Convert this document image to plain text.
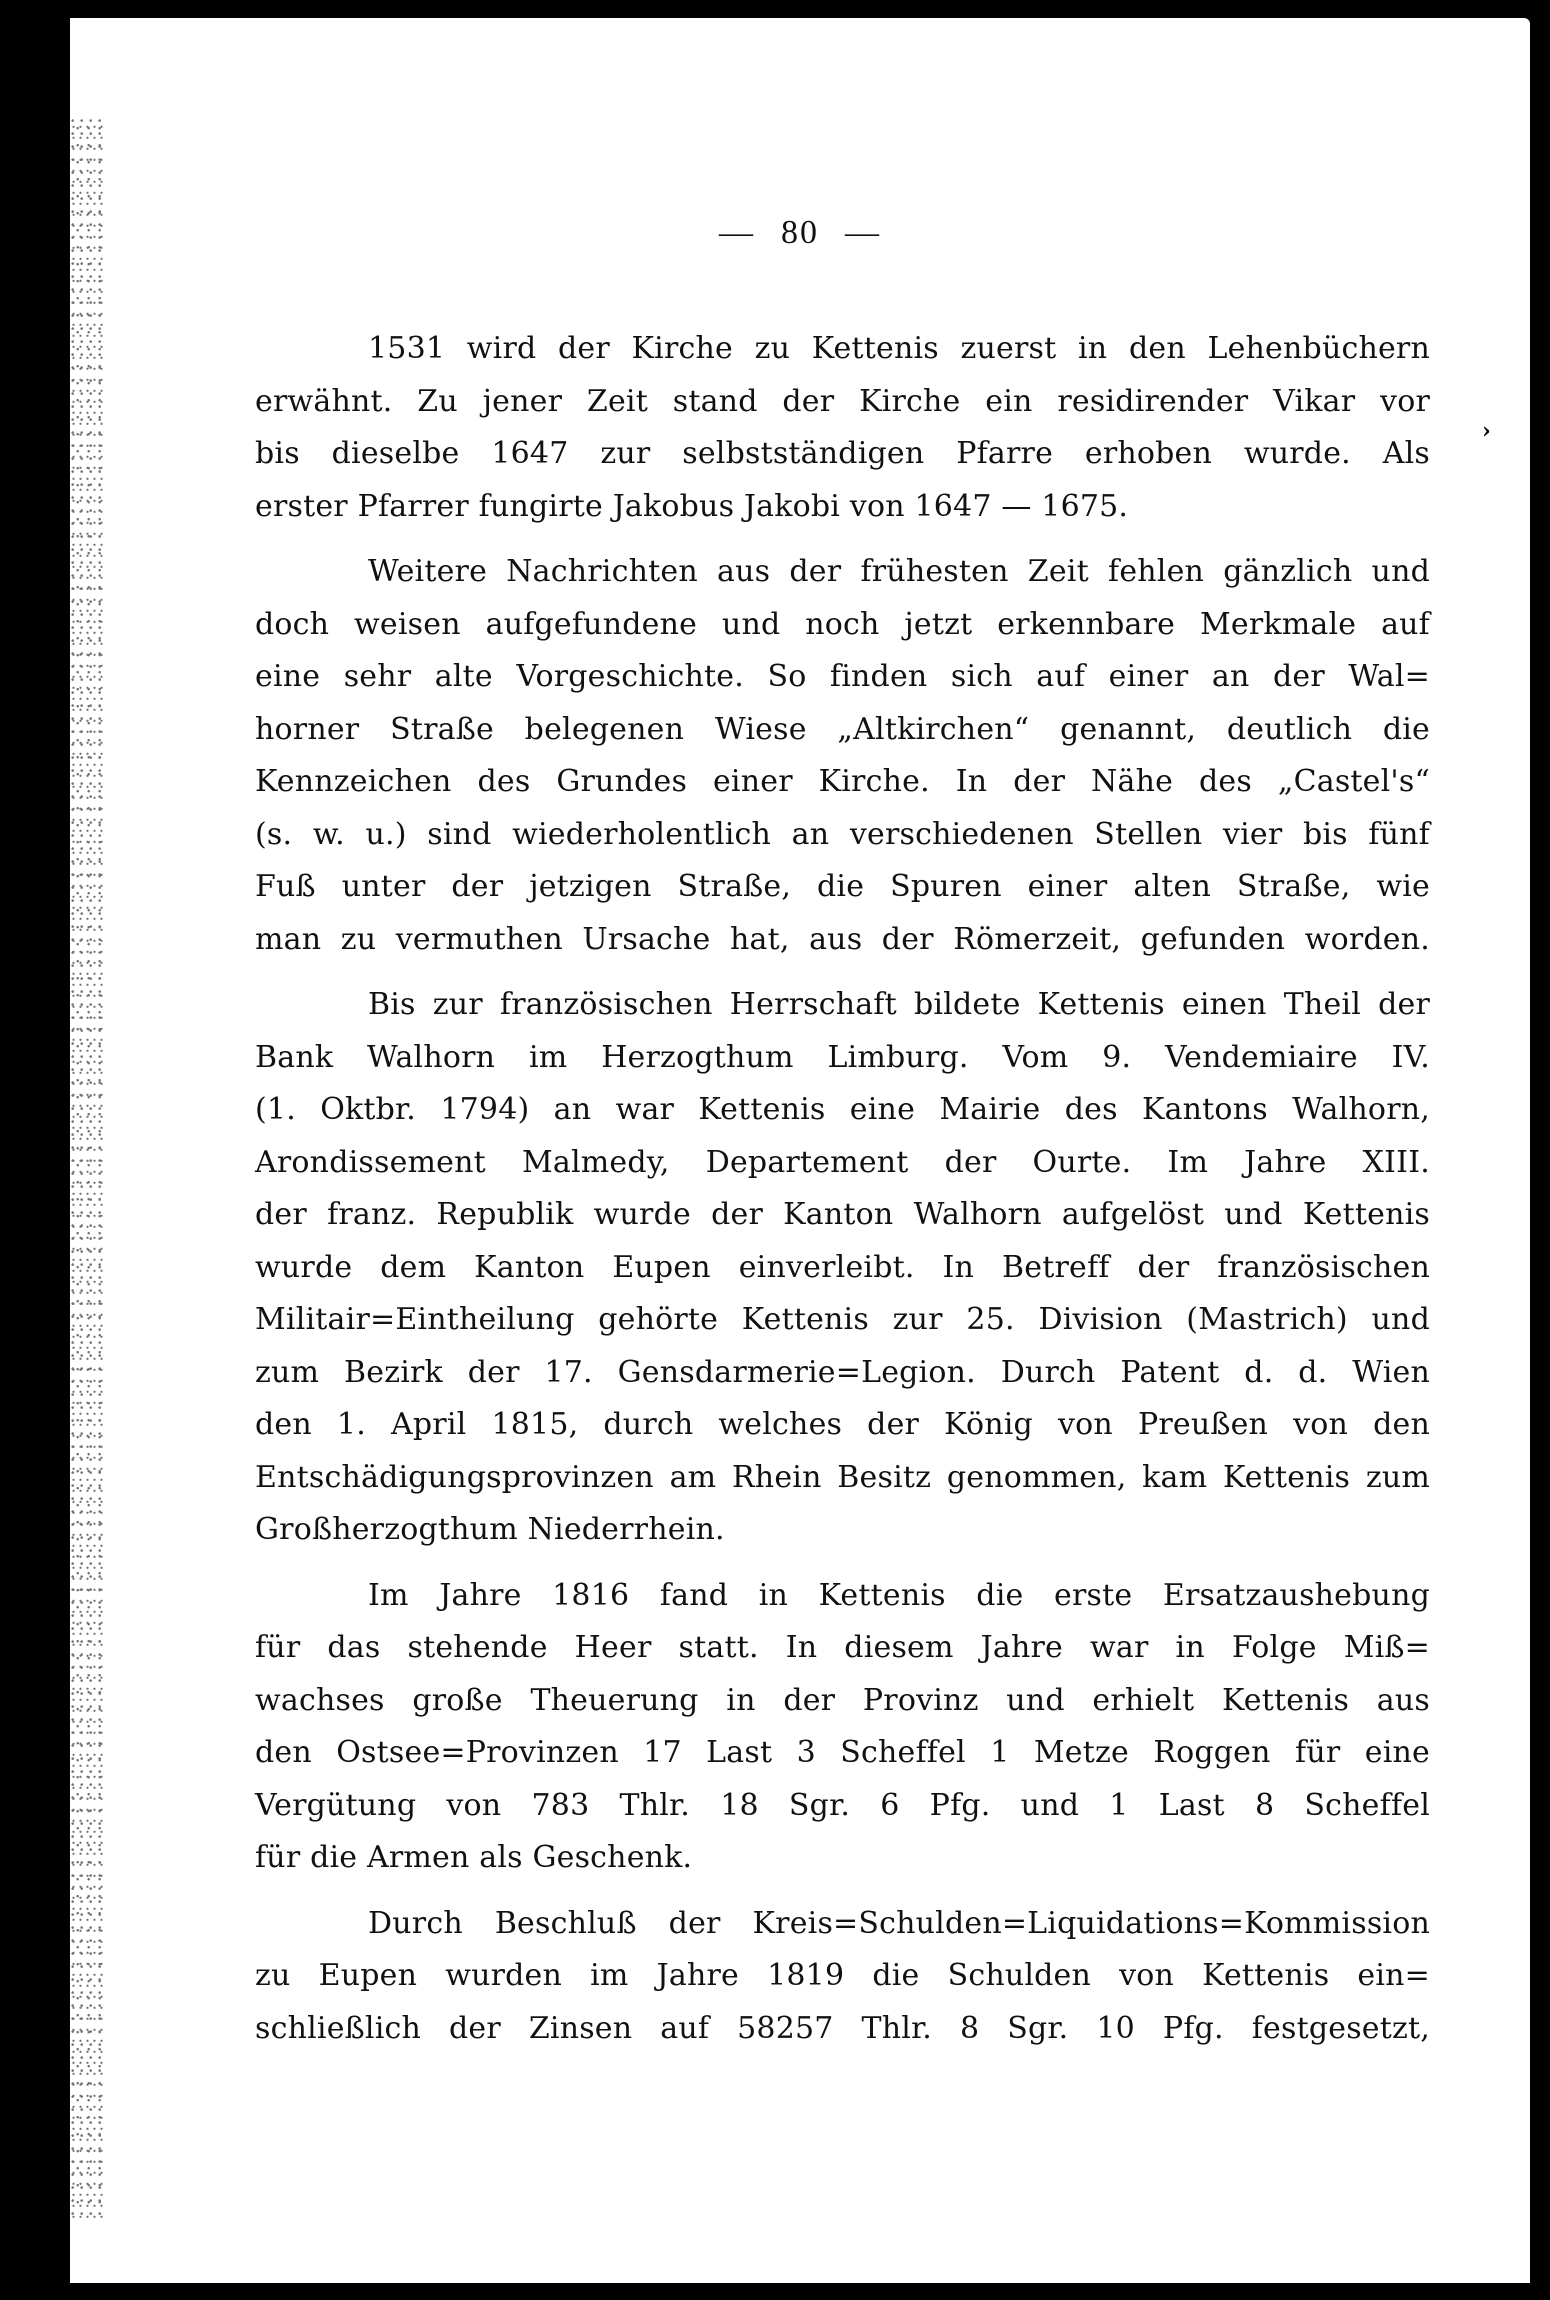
— 80 —
›
1531 wird der Kirche zu Kettenis zuerst in den Lehenbüchern
erwähnt. Zu jener Zeit stand der Kirche ein residirender Vikar vor
bis dieselbe 1647 zur selbstständigen Pfarre erhoben wurde. Als
erster Pfarrer fungirte Jakobus Jakobi von 1647 — 1675.
Weitere Nachrichten aus der frühesten Zeit fehlen gänzlich und
doch weisen aufgefundene und noch jetzt erkennbare Merkmale auf
eine sehr alte Vorgeschichte. So finden sich auf einer an der Wal=
horner Straße belegenen Wiese „Altkirchen“ genannt, deutlich die
Kennzeichen des Grundes einer Kirche. In der Nähe des „Castel's“
(s. w. u.) sind wiederholentlich an verschiedenen Stellen vier bis fünf
Fuß unter der jetzigen Straße, die Spuren einer alten Straße, wie
man zu vermuthen Ursache hat, aus der Römerzeit, gefunden worden.
Bis zur französischen Herrschaft bildete Kettenis einen Theil der
Bank Walhorn im Herzogthum Limburg. Vom 9. Vendemiaire IV.
(1. Oktbr. 1794) an war Kettenis eine Mairie des Kantons Walhorn,
Arondissement Malmedy, Departement der Ourte. Im Jahre XIII.
der franz. Republik wurde der Kanton Walhorn aufgelöst und Kettenis
wurde dem Kanton Eupen einverleibt. In Betreff der französischen
Militair=Eintheilung gehörte Kettenis zur 25. Division (Mastrich) und
zum Bezirk der 17. Gensdarmerie=Legion. Durch Patent d. d. Wien
den 1. April 1815, durch welches der König von Preußen von den
Entschädigungsprovinzen am Rhein Besitz genommen, kam Kettenis zum
Großherzogthum Niederrhein.
Im Jahre 1816 fand in Kettenis die erste Ersatzaushebung
für das stehende Heer statt. In diesem Jahre war in Folge Miß=
wachses große Theuerung in der Provinz und erhielt Kettenis aus
den Ostsee=Provinzen 17 Last 3 Scheffel 1 Metze Roggen für eine
Vergütung von 783 Thlr. 18 Sgr. 6 Pfg. und 1 Last 8 Scheffel
für die Armen als Geschenk.
Durch Beschluß der Kreis=Schulden=Liquidations=Kommission
zu Eupen wurden im Jahre 1819 die Schulden von Kettenis ein=
schließlich der Zinsen auf 58257 Thlr. 8 Sgr. 10 Pfg. festgesetzt,
